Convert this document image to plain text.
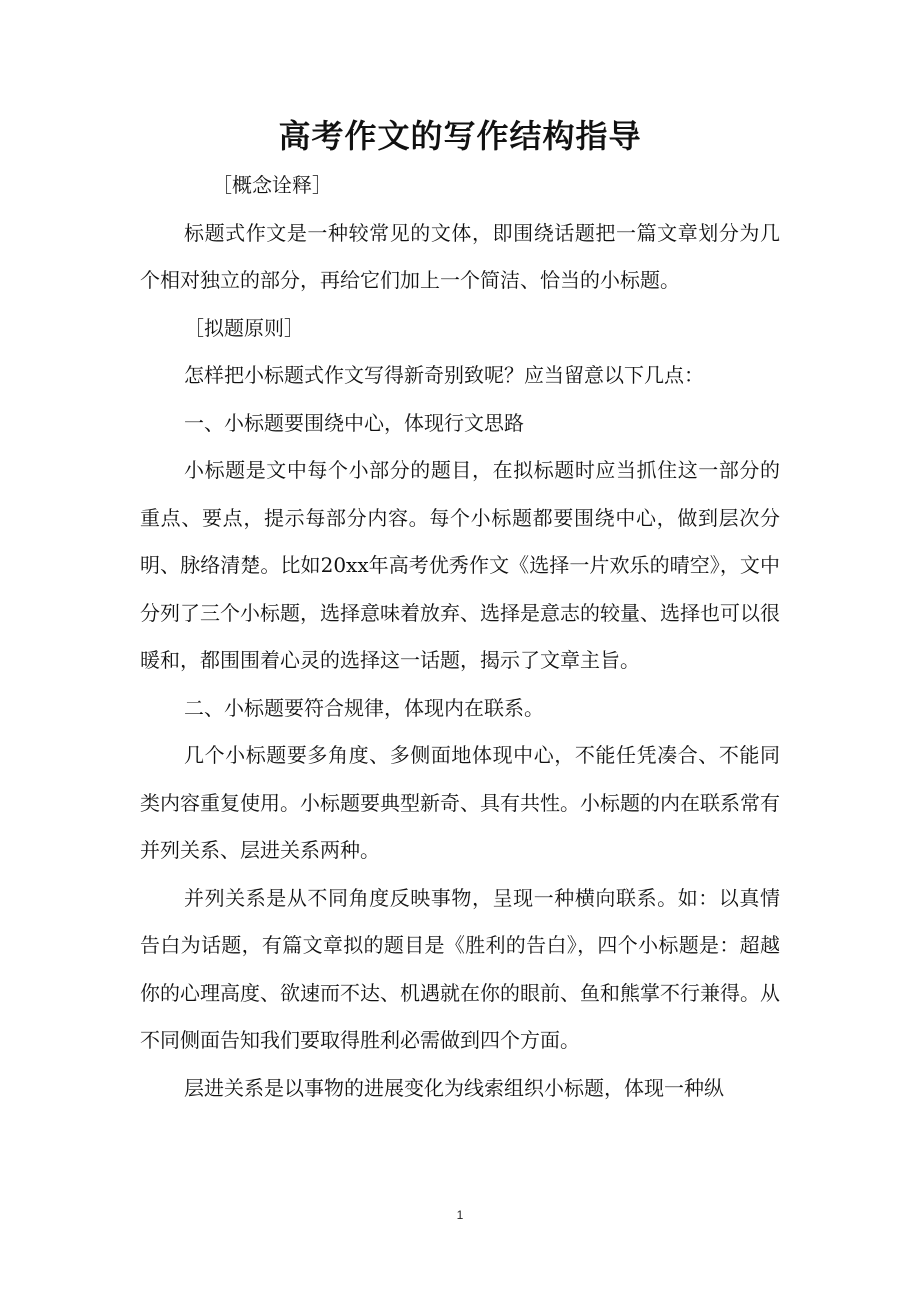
高考作文的写作结构指导

［概念诠释］

标题式作文是一种较常见的文体，即围绕话题把一篇文章划分为几个相对独立的部分，再给它们加上一个简洁、恰当的小标题。

［拟题原则］

怎样把小标题式作文写得新奇别致呢？应当留意以下几点：

一、小标题要围绕中心，体现行文思路

小标题是文中每个小部分的题目，在拟标题时应当抓住这一部分的重点、要点，提示每部分内容。每个小标题都要围绕中心，做到层次分明、脉络清楚。比如20xx年高考优秀作文《选择一片欢乐的晴空》，文中分列了三个小标题，选择意味着放弃、选择是意志的较量、选择也可以很暖和，都围围着心灵的选择这一话题，揭示了文章主旨。

二、小标题要符合规律，体现内在联系。

几个小标题要多角度、多侧面地体现中心，不能任凭凑合、不能同类内容重复使用。小标题要典型新奇、具有共性。小标题的内在联系常有并列关系、层进关系两种。

并列关系是从不同角度反映事物，呈现一种横向联系。如：以真情告白为话题，有篇文章拟的题目是《胜利的告白》，四个小标题是：超越你的心理高度、欲速而不达、机遇就在你的眼前、鱼和熊掌不行兼得。从不同侧面告知我们要取得胜利必需做到四个方面。

层进关系是以事物的进展变化为线索组织小标题，体现一种纵

1
